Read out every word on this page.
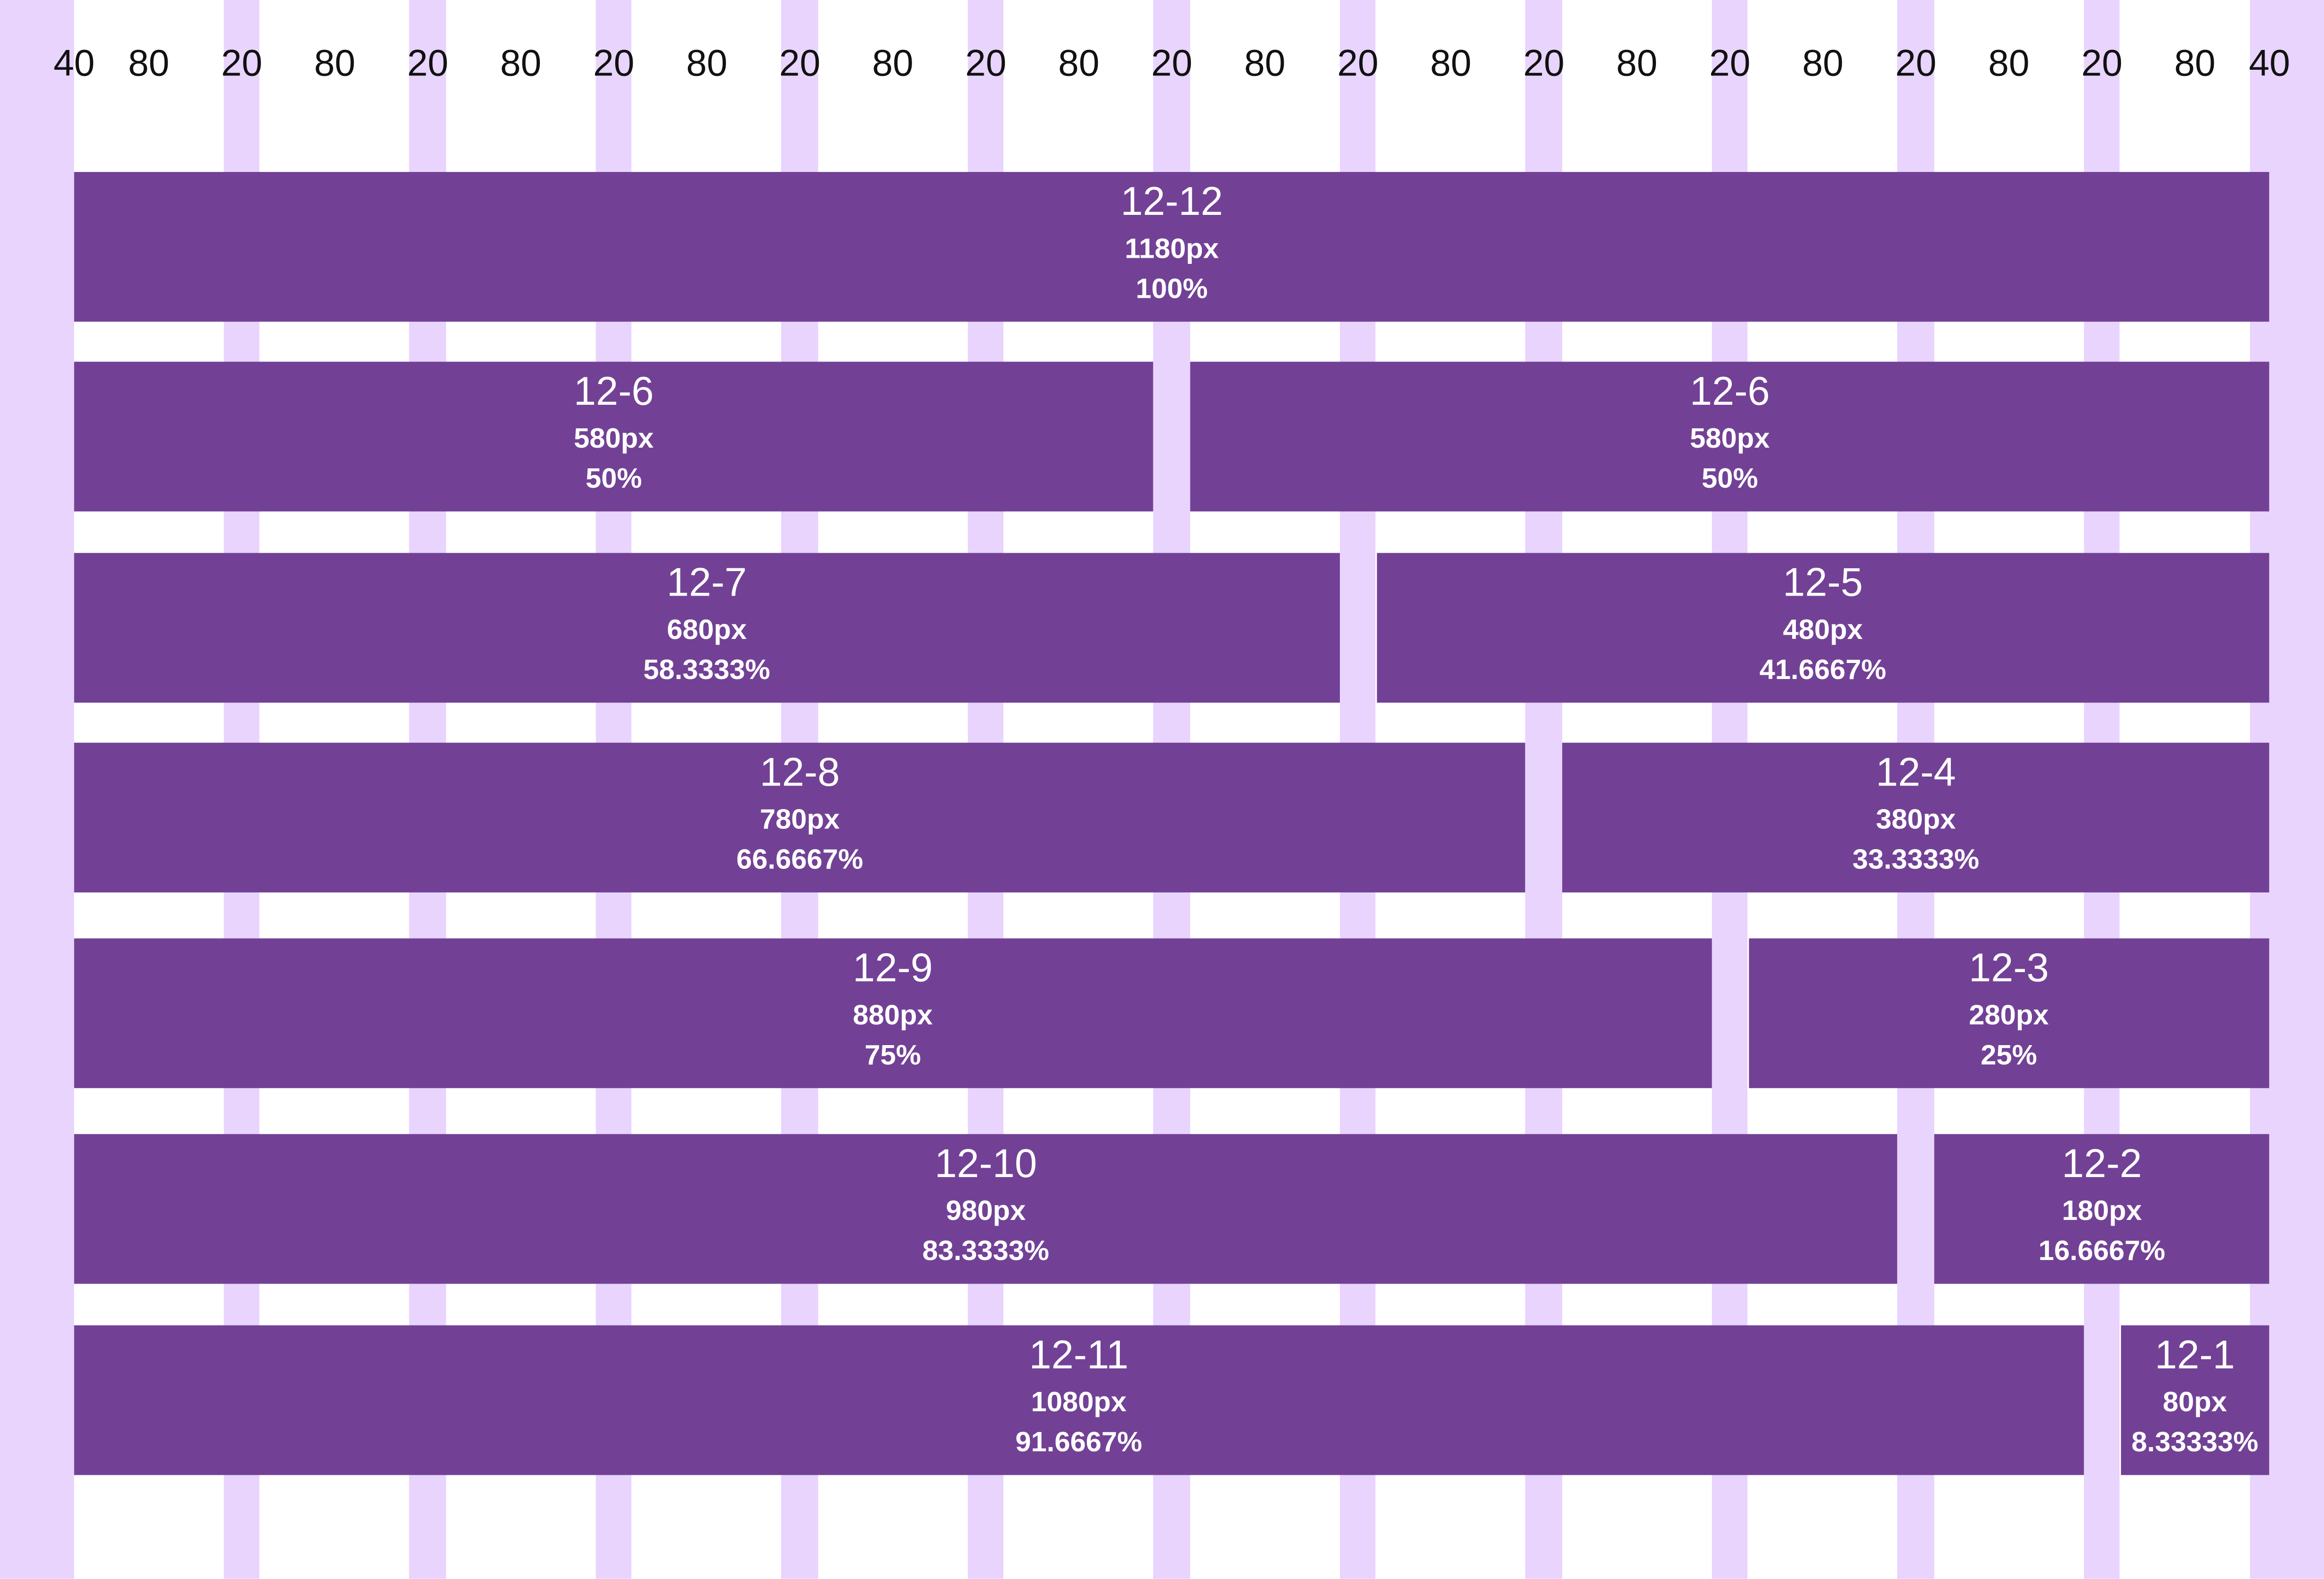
40	80	20	80	20	80	20	80	20	80	20	80	20	80	20	80	20	80	20	80	20	80	20	80	40
12-12
1180px
100%
12-6
580px
50%
12-6
580px
50%
12-7
680px
58.3333%
12-5
480px
41.6667%
12-8
780px
66.6667%
12-4
380px
33.3333%
12-9
880px
75%
12-3
280px
25%
12-10
980px
83.3333%
12-2
180px
16.6667%
12-11
1080px
91.6667%
12-1
80px
8.33333%
